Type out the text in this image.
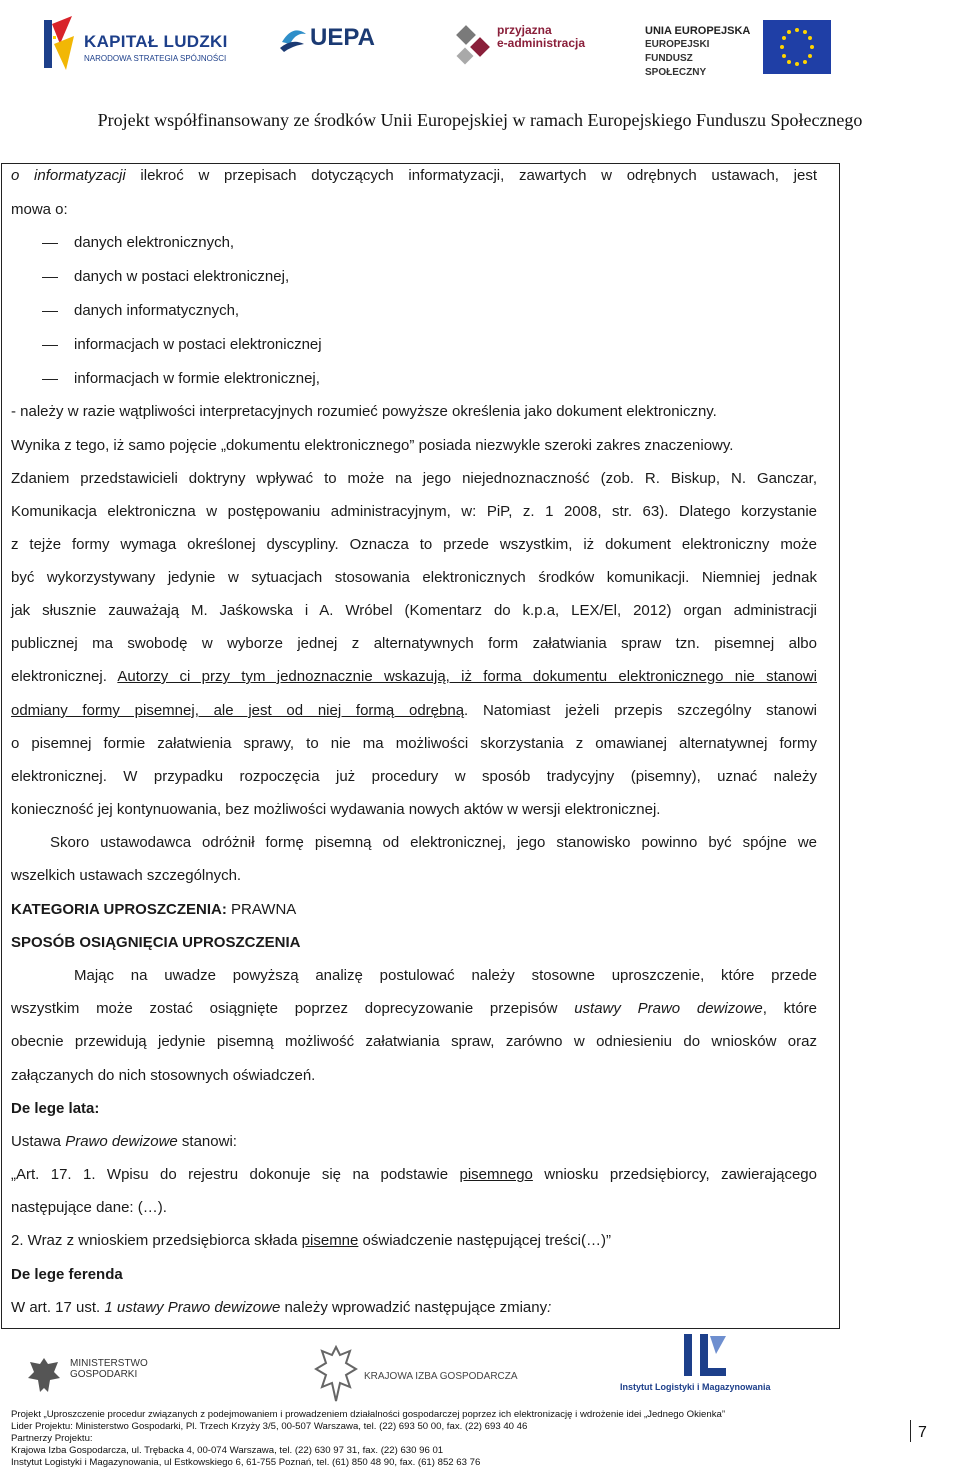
KAPITAŁ LUDZKI
NARODOWA STRATEGIA SPÓJNOŚCI
UEPA	przyjazna
e-administracja
UNIA EUROPEJSKA
EUROPEJSKI FUNDUSZ SPOŁECZNY
Projekt współfinansowany ze środków Unii Europejskiej w ramach Europejskiego Funduszu Społecznego
o informatyzacji ilekroć w przepisach dotyczących informatyzacji, zawartych w odrębnych ustawach, jest
mowa o:
danych elektronicznych,
danych w postaci elektronicznej,
danych informatycznych,
informacjach w postaci elektronicznej
informacjach w formie elektronicznej,
- należy w razie wątpliwości interpretacyjnych rozumieć powyższe określenia jako dokument elektroniczny.
Wynika z tego, iż samo pojęcie „dokumentu elektronicznego” posiada niezwykle szeroki zakres znaczeniowy.
Zdaniem przedstawicieli doktryny wpływać to może na jego niejednoznaczność (zob. R. Biskup, N. Ganczar,
Komunikacja elektroniczna w postępowaniu administracyjnym, w: PiP, z. 1 2008, str. 63). Dlatego korzystanie
z tejże formy wymaga określonej dyscypliny. Oznacza to przede wszystkim, iż dokument elektroniczny może
być wykorzystywany jedynie w sytuacjach stosowania elektronicznych środków komunikacji. Niemniej jednak
jak słusznie zauważają M. Jaśkowska i A. Wróbel (Komentarz do k.p.a, LEX/El, 2012) organ administracji
publicznej ma swobodę w wyborze jednej z alternatywnych form załatwiania spraw tzn. pisemnej albo
elektronicznej. Autorzy ci przy tym jednoznacznie wskazują, iż forma dokumentu elektronicznego nie stanowi
odmiany formy pisemnej, ale jest od niej formą odrębną. Natomiast jeżeli przepis szczególny stanowi
o pisemnej formie załatwienia sprawy, to nie ma możliwości skorzystania z omawianej alternatywnej formy
elektronicznej. W przypadku rozpoczęcia już procedury w sposób tradycyjny (pisemny), uznać należy
konieczność jej kontynuowania, bez możliwości wydawania nowych aktów w wersji elektronicznej.
Skoro ustawodawca odróżnił formę pisemną od elektronicznej, jego stanowisko powinno być spójne we
wszelkich ustawach szczególnych.
KATEGORIA UPROSZCZENIA: PRAWNA
SPOSÓB OSIĄGNIĘCIA UPROSZCZENIA
Mając na uwadze powyższą analizę postulować należy stosowne uproszczenie, które przede
wszystkim może zostać osiągnięte poprzez doprecyzowanie przepisów ustawy Prawo dewizowe, które
obecnie przewidują jedynie pisemną możliwość załatwiania spraw, zarówno w odniesieniu do wniosków oraz
załączanych do nich stosownych oświadczeń.
De lege lata:
Ustawa Prawo dewizowe stanowi:
„Art. 17. 1. Wpisu do rejestru dokonuje się na podstawie pisemnego wniosku przedsiębiorcy, zawierającego
następujące dane: (…).
2. Wraz z wnioskiem przedsiębiorca składa pisemne oświadczenie następującej treści(…)”
De lege ferenda
W art. 17 ust. 1 ustawy Prawo dewizowe należy wprowadzić następujące zmiany:
MINISTERSTWO GOSPODARKI	KRAJOWA IZBA GOSPODARCZA
Instytut Logistyki i Magazynowania
Projekt „Uproszczenie procedur związanych z podejmowaniem i prowadzeniem działalności gospodarczej poprzez ich elektronizację i wdrożenie idei „Jednego Okienka”
Lider Projektu: Ministerstwo Gospodarki, Pl. Trzech Krzyży 3/5, 00-507 Warszawa, tel. (22) 693 50 00, fax. (22) 693 40 46
Partnerzy Projektu:
Krajowa Izba Gospodarcza, ul. Trębacka 4, 00-074 Warszawa, tel. (22) 630 97 31, fax. (22) 630 96 01
Instytut Logistyki i Magazynowania, ul Estkowskiego 6, 61-755 Poznań, tel. (61) 850 48 90, fax. (61) 852 63 76
7
